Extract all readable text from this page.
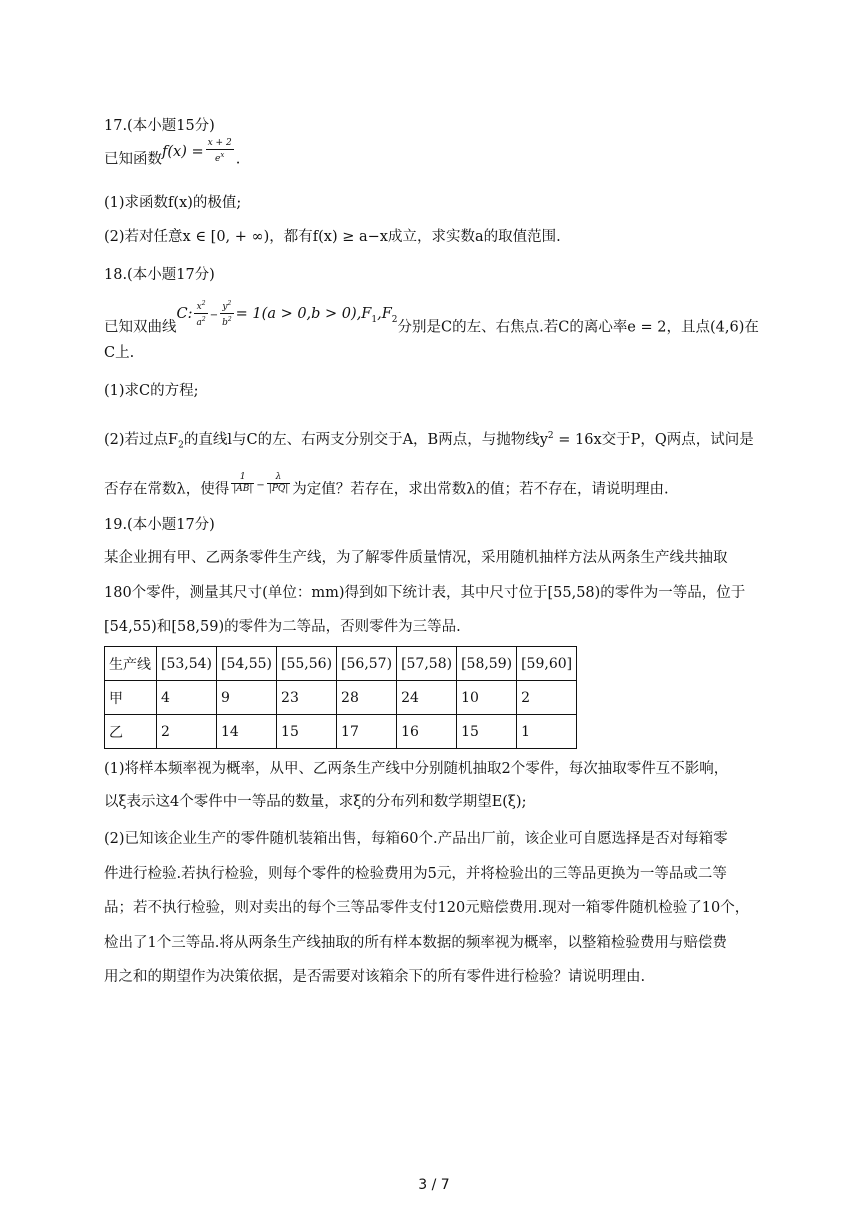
17.(本小题15分)
已知函数$f(x) = \frac{x + 2}{e^x}$ .
(1)求函数f(x)的极值;
(2)若对任意x ∈ [0, + ∞)，都有f(x) ≥ a−x成立，求实数a的取值范围.
18.(本小题17分)
已知双曲线C: $\frac{x^2}{a^2} - \frac{y^2}{b^2} = 1(a > 0,b > 0),F_1,F_2$分别是C的左、右焦点.若C的离心率e = 2，且点(4,6)在
C上.
(1)求C的方程;
(2)若过点$F_2$的直线l与C的左、右两支分别交于A，B两点，与抛物线$y^2 = 16x$交于P，Q两点，试问是
否存在常数λ，使得 $\frac{1}{|AB|} - \frac{\lambda}{|PQ|}$ 为定值？若存在，求出常数λ的值；若不存在，请说明理由.
19.(本小题17分)
某企业拥有甲、乙两条零件生产线，为了解零件质量情况，采用随机抽样方法从两条生产线共抽取
180个零件，测量其尺寸(单位：mm)得到如下统计表，其中尺寸位于[55,58)的零件为一等品，位于
[54,55)和[58,59)的零件为二等品，否则零件为三等品.
生产线	[53,54)	[54,55)	[55,56)	[56,57)	[57,58)	[58,59)	[59,60]
甲	4	9	23	28	24	10	2
乙	2	14	15	17	16	15	1
(1)将样本频率视为概率，从甲、乙两条生产线中分别随机抽取2个零件，每次抽取零件互不影响，
以ξ表示这4个零件中一等品的数量，求ξ的分布列和数学期望E(ξ);
(2)已知该企业生产的零件随机装箱出售，每箱60个.产品出厂前，该企业可自愿选择是否对每箱零
件进行检验.若执行检验，则每个零件的检验费用为5元，并将检验出的三等品更换为一等品或二等
品；若不执行检验，则对卖出的每个三等品零件支付120元赔偿费用.现对一箱零件随机检验了10个，
检出了1个三等品.将从两条生产线抽取的所有样本数据的频率视为概率，以整箱检验费用与赔偿费
用之和的期望作为决策依据，是否需要对该箱余下的所有零件进行检验？请说明理由.
3 / 7
